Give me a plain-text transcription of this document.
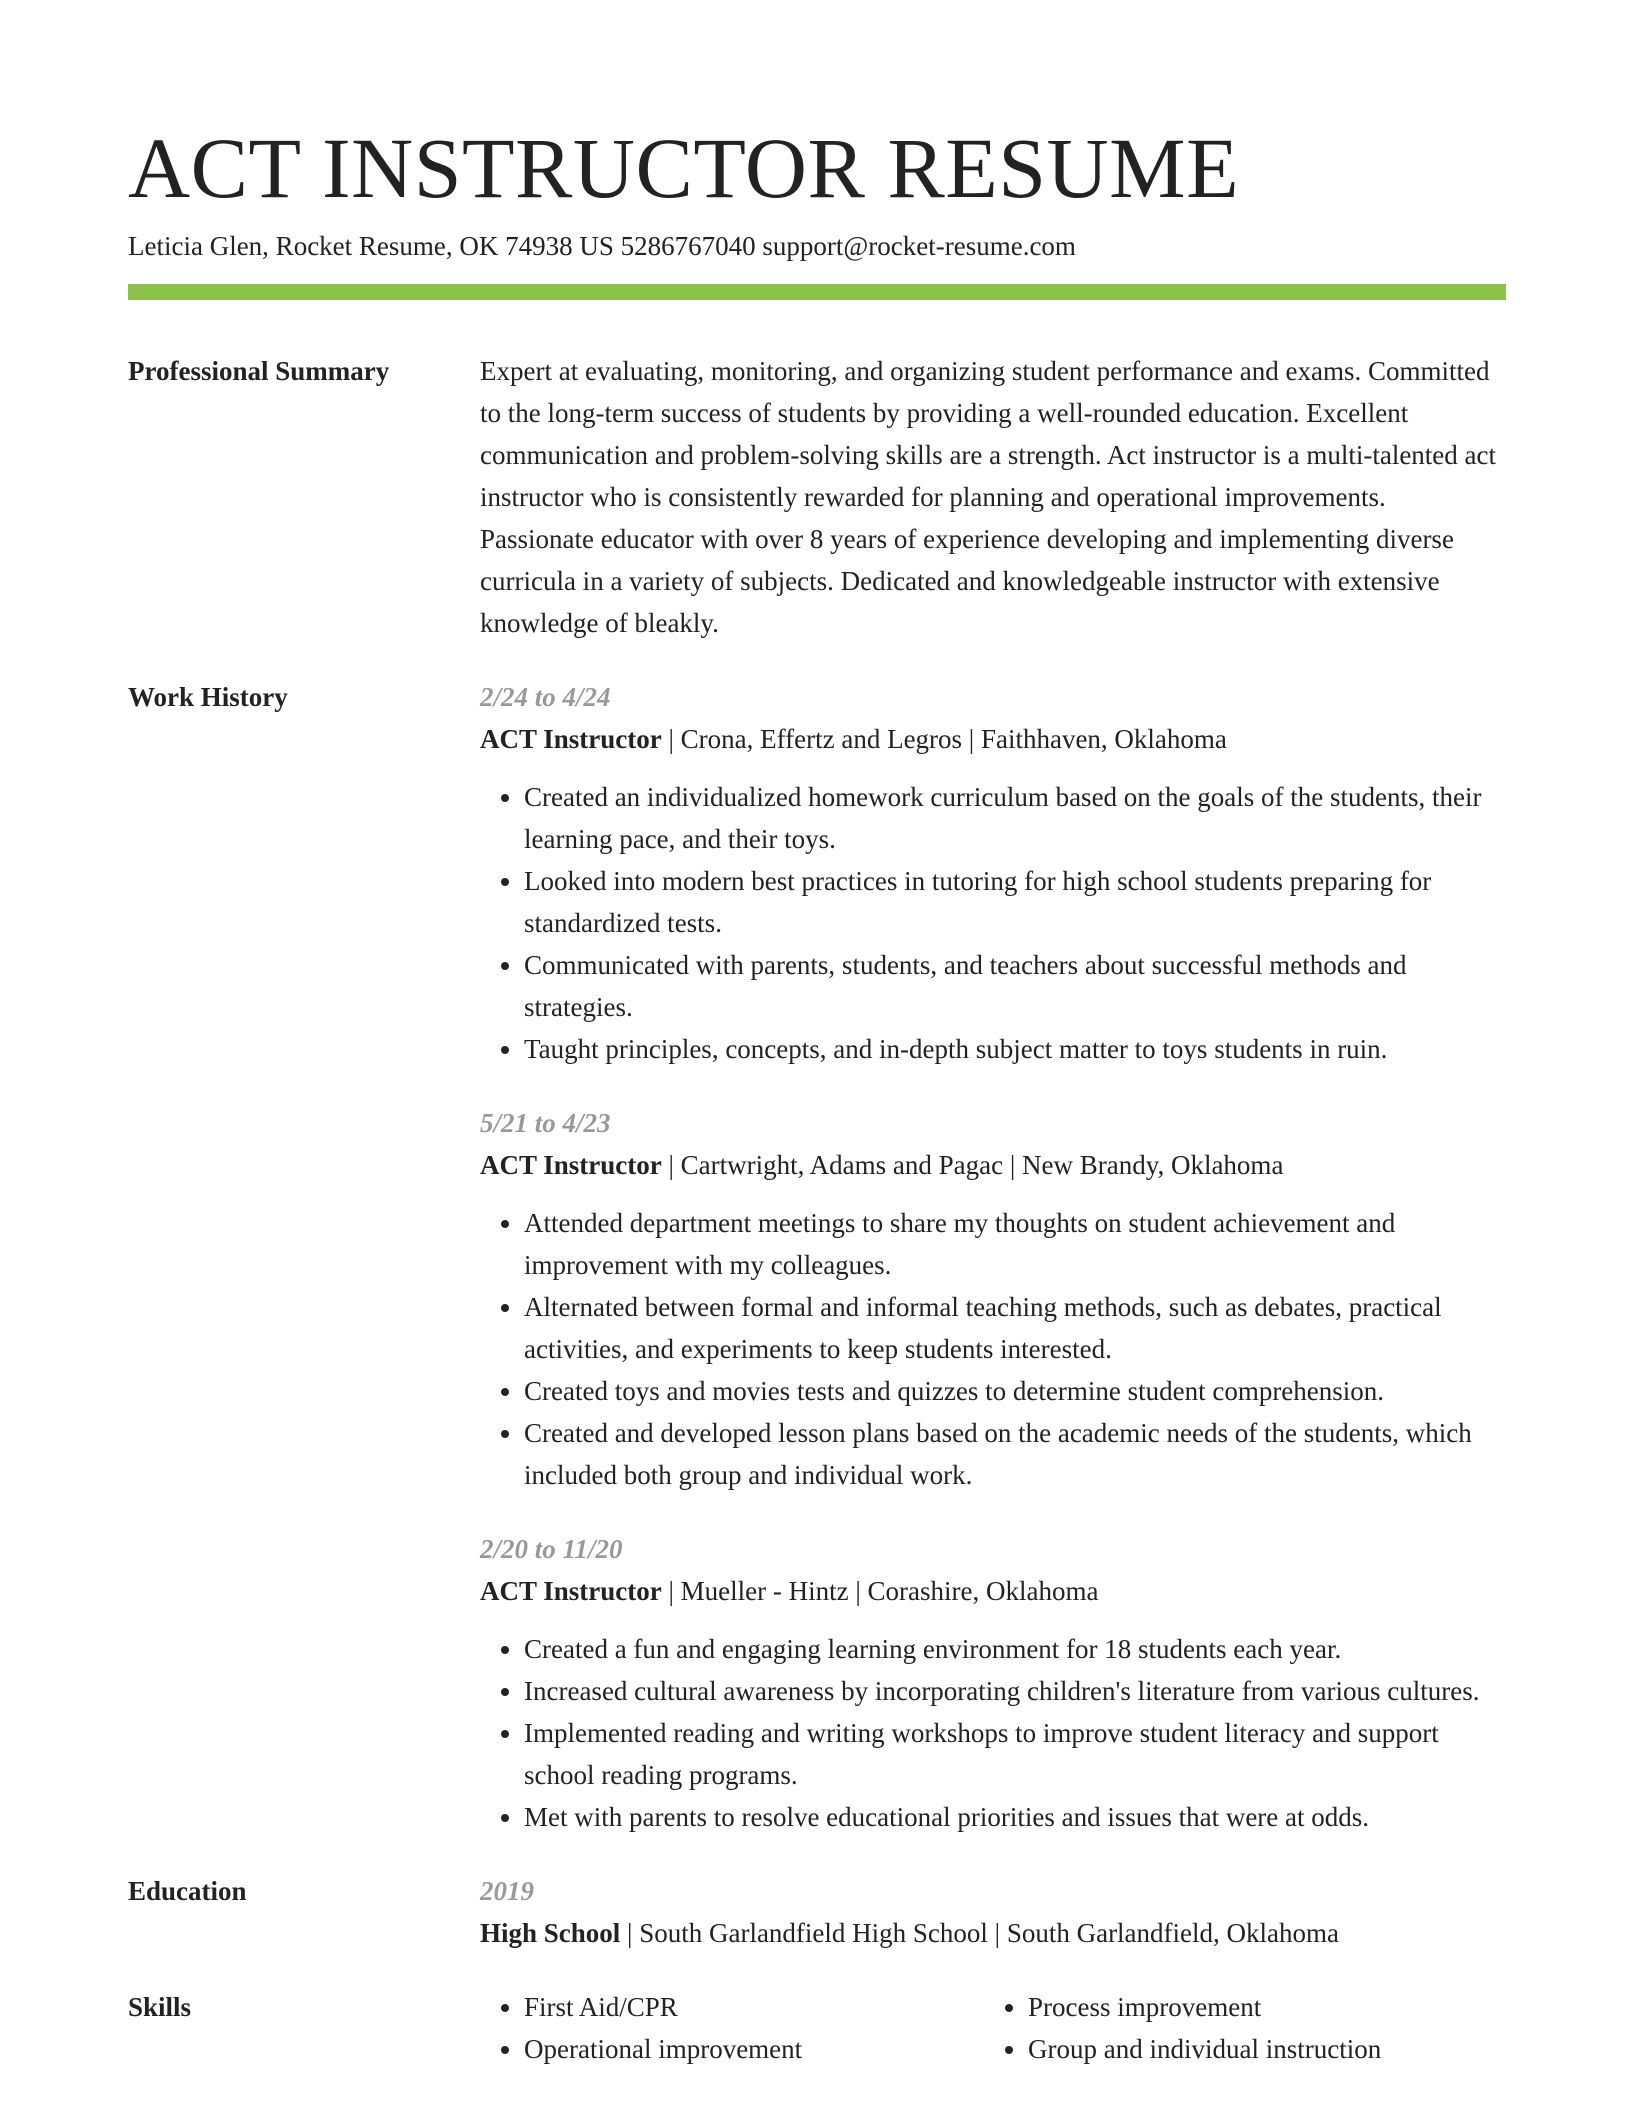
ACT INSTRUCTOR RESUME
Leticia Glen, Rocket Resume, OK 74938 US 5286767040 support@rocket-resume.com
Professional Summary	Expert at evaluating, monitoring, and organizing student performance and exams. Committed to the long-term success of students by providing a well-rounded education. Excellent communication and problem-solving skills are a strength. Act instructor is a multi-talented act instructor who is consistently rewarded for planning and operational improvements. Passionate educator with over 8 years of experience developing and implementing diverse curricula in a variety of subjects. Dedicated and knowledgeable instructor with extensive knowledge of bleakly.
Work History	2/24 to 4/24
ACT Instructor | Crona, Effertz and Legros | Faithhaven, Oklahoma
• Created an individualized homework curriculum based on the goals of the students, their learning pace, and their toys.
• Looked into modern best practices in tutoring for high school students preparing for standardized tests.
• Communicated with parents, students, and teachers about successful methods and strategies.
• Taught principles, concepts, and in-depth subject matter to toys students in ruin.
5/21 to 4/23
ACT Instructor | Cartwright, Adams and Pagac | New Brandy, Oklahoma
• Attended department meetings to share my thoughts on student achievement and improvement with my colleagues.
• Alternated between formal and informal teaching methods, such as debates, practical activities, and experiments to keep students interested.
• Created toys and movies tests and quizzes to determine student comprehension.
• Created and developed lesson plans based on the academic needs of the students, which included both group and individual work.
2/20 to 11/20
ACT Instructor | Mueller - Hintz | Corashire, Oklahoma
• Created a fun and engaging learning environment for 18 students each year.
• Increased cultural awareness by incorporating children's literature from various cultures.
• Implemented reading and writing workshops to improve student literacy and support school reading programs.
• Met with parents to resolve educational priorities and issues that were at odds.
Education	2019
High School | South Garlandfield High School | South Garlandfield, Oklahoma
Skills
•	First Aid/CPR
• Operational improvement
• Process improvement
• Group and individual instruction
